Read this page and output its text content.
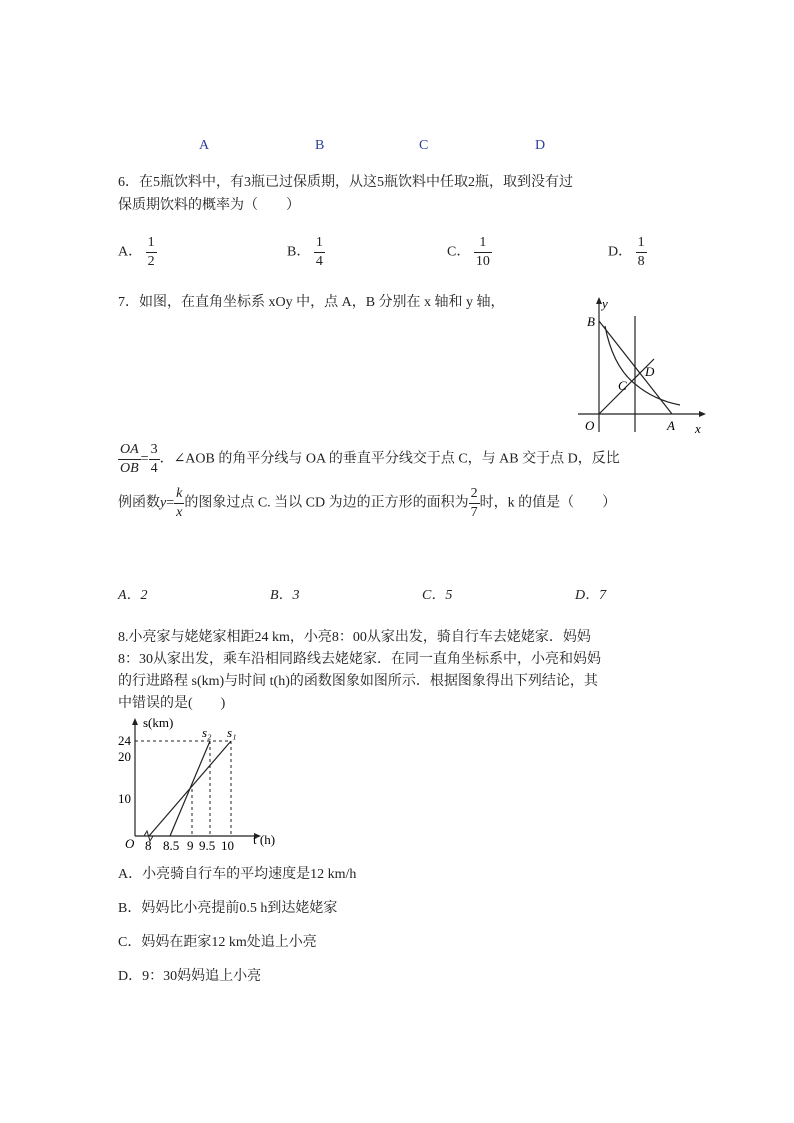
A	B	C	D
6．在5瓶饮料中，有3瓶已过保质期，从这5瓶饮料中任取2瓶，取到没有过
保质期饮料的概率为（　　）
A． $\frac{1}{2}$	B． $\frac{1}{4}$	C． $\frac{1}{10}$	D． $\frac{1}{8}$
7．如图，在直角坐标系 xOy 中，点 A，B 分别在 x 轴和 y 轴，	y
B
D
C
O	A x
$\frac{OA}{OB} = \frac{3}{4}$ ．∠AOB 的角平分线与 OA 的垂直平分线交于点 C，与 AB 交于点 D，反比
例函数$y= \frac{k}{x}$ 的图象过点 C. 当以 CD 为边的正方形的面积为 $\frac{2}{7}$ 时，k 的值是（　　）
A．2	B．3	C．5	D．7
8.小亮家与姥姥家相距24 km，小亮8：00从家出发，骑自行车去姥姥家．妈妈
8：30从家出发，乘车沿相同路线去姥姥家．在同一直角坐标系中，小亮和妈妈
的行进路程 s(km)与时间 t(h)的函数图象如图所示．根据图象得出下列结论，其
中错误的是(　　)
s(km)
t (h)
O
24
20
10
8 8.5 9 9.5 10
s₂ s₁
A．小亮骑自行车的平均速度是12 km/h
B．妈妈比小亮提前0.5 h到达姥姥家
C．妈妈在距家12 km处追上小亮
D．9：30妈妈追上小亮
